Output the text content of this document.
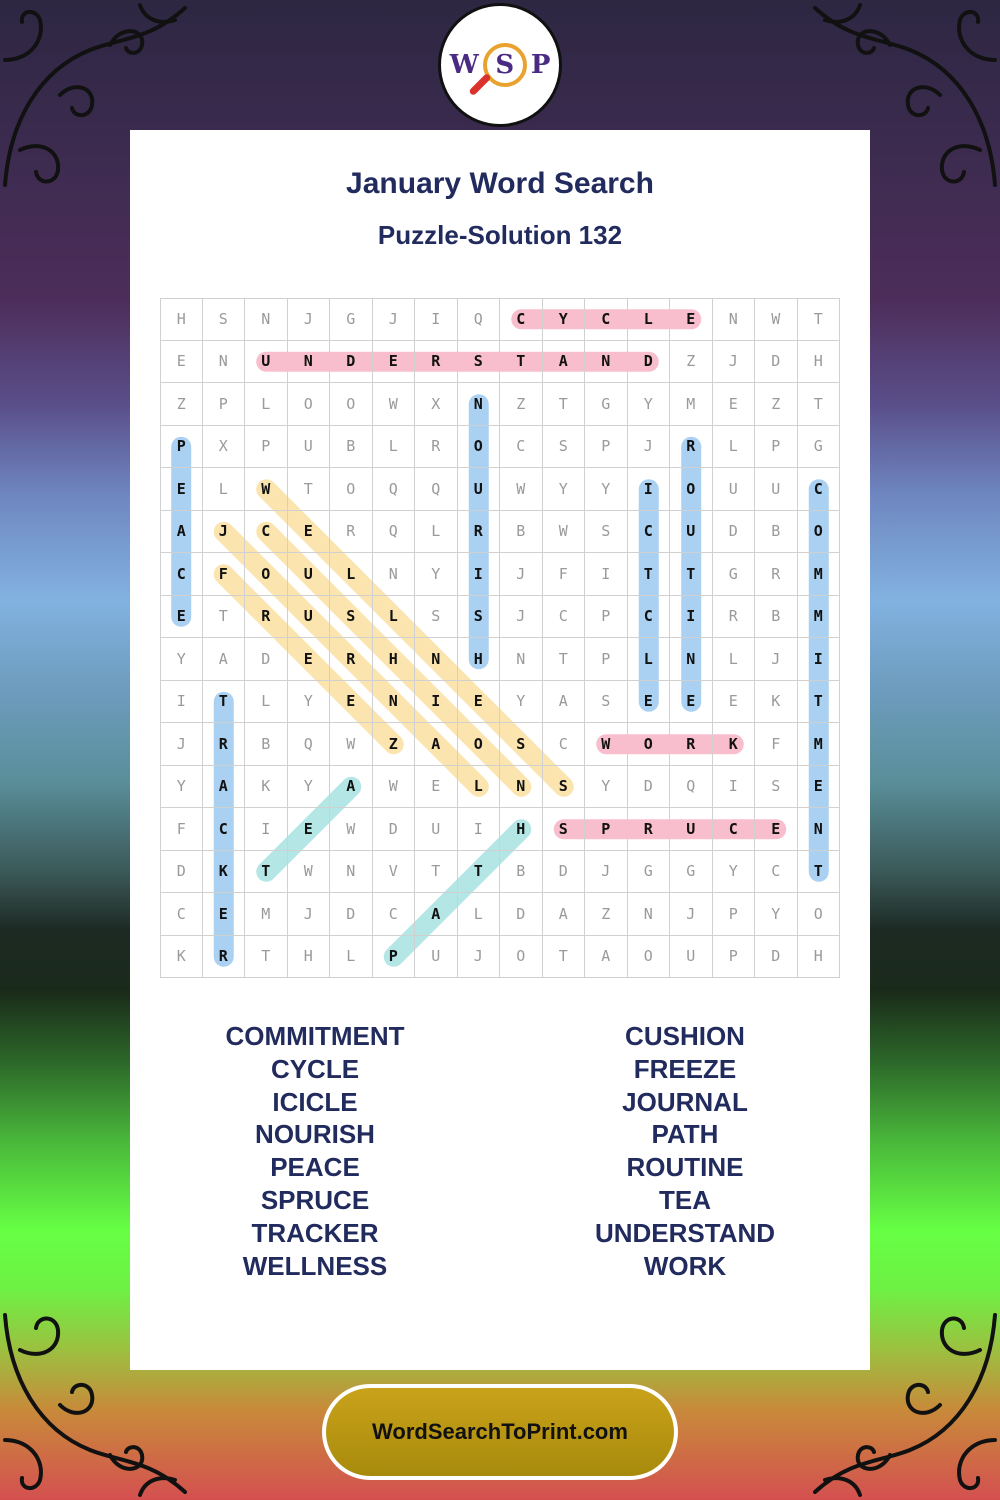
W S P
January Word Search
Puzzle-Solution 132
H	S	N	J	G	J	I	Q	C	Y	C	L	E	N	W	T
E	N	U	N	D	E	R	S	T	A	N	D	Z	J	D	H
Z	P	L	O	O	W	X	N	Z	T	G	Y	M	E	Z	T
P	X	P	U	B	L	R	O	C	S	P	J	R	L	P	G
E	L	W	T	O	Q	Q	U	W	Y	Y	I	O	U	U	C
A	J	C	E	R	Q	L	R	B	W	S	C	U	D	B	O
C	F	O	U	L	N	Y	I	J	F	I	T	T	G	R	M
E	T	R	U	S	L	S	S	J	C	P	C	I	R	B	M
Y	A	D	E	R	H	N	H	N	T	P	L	N	L	J	I
I	T	L	Y	E	N	I	E	Y	A	S	E	E	E	K	T
J	R	B	Q	W	Z	A	O	S	C	W	O	R	K	F	M
Y	A	K	Y	A	W	E	L	N	S	Y	D	Q	I	S	E
F	C	I	E	W	D	U	I	H	S	P	R	U	C	E	N
D	K	T	W	N	V	T	T	B	D	J	G	G	Y	C	T
C	E	M	J	D	C	A	L	D	A	Z	N	J	P	Y	O
K	R	T	H	L	P	U	J	O	T	A	O	U	P	D	H
COMMITMENT
CYCLE
ICICLE
NOURISH
PEACE
SPRUCE
TRACKER
WELLNESS
CUSHION
FREEZE
JOURNAL
PATH
ROUTINE
TEA
UNDERSTAND
WORK
WordSearchToPrint.com
